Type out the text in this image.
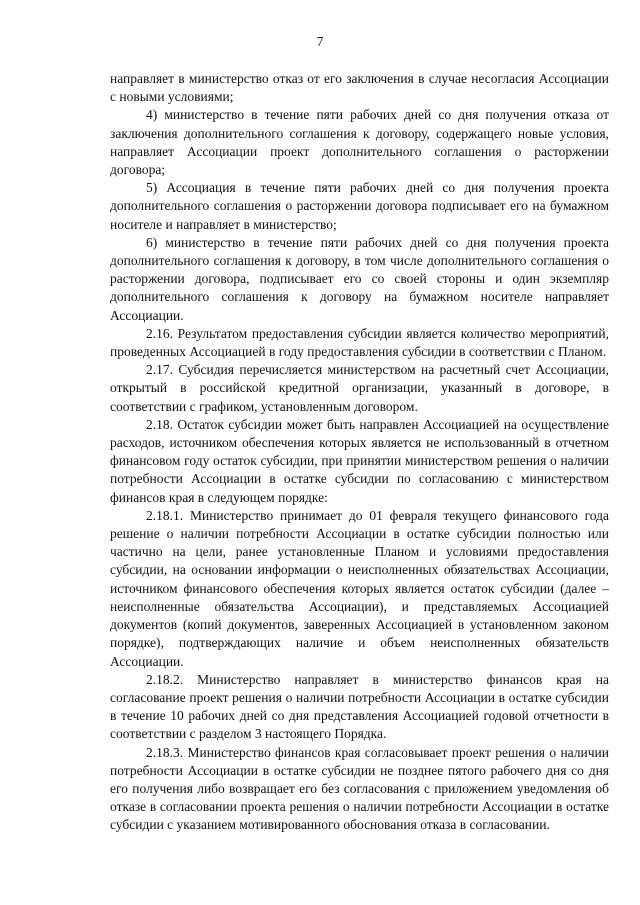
7

направляет в министерство отказ от его заключения в случае несогласия Ассоциации с новыми условиями;

4) министерство в течение пяти рабочих дней со дня получения отказа от заключения дополнительного соглашения к договору, содержащего новые условия, направляет Ассоциации проект дополнительного соглашения о расторжении договора;

5) Ассоциация в течение пяти рабочих дней со дня получения проекта дополнительного соглашения о расторжении договора подписывает его на бумажном носителе и направляет в министерство;

6) министерство в течение пяти рабочих дней со дня получения проекта дополнительного соглашения к договору, в том числе дополнительного соглашения о расторжении договора, подписывает его со своей стороны и один экземпляр дополнительного соглашения к договору на бумажном носителе направляет Ассоциации.

2.16. Результатом предоставления субсидии является количество мероприятий, проведенных Ассоциацией в году предоставления субсидии в соответствии с Планом.

2.17. Субсидия перечисляется министерством на расчетный счет Ассоциации, открытый в российской кредитной организации, указанный в договоре, в соответствии с графиком, установленным договором.

2.18. Остаток субсидии может быть направлен Ассоциацией на осуществление расходов, источником обеспечения которых является не использованный в отчетном финансовом году остаток субсидии, при принятии министерством решения о наличии потребности Ассоциации в остатке субсидии по согласованию с министерством финансов края в следующем порядке:

2.18.1. Министерство принимает до 01 февраля текущего финансового года решение о наличии потребности Ассоциации в остатке субсидии полностью или частично на цели, ранее установленные Планом и условиями предоставления субсидии, на основании информации о неисполненных обязательствах Ассоциации, источником финансового обеспечения которых является остаток субсидии (далее – неисполненные обязательства Ассоциации), и представляемых Ассоциацией документов (копий документов, заверенных Ассоциацией в установленном законом порядке), подтверждающих наличие и объем неисполненных обязательств Ассоциации.

2.18.2. Министерство направляет в министерство финансов края на согласование проект решения о наличии потребности Ассоциации в остатке субсидии в течение 10 рабочих дней со дня представления Ассоциацией годовой отчетности в соответствии с разделом 3 настоящего Порядка.

2.18.3. Министерство финансов края согласовывает проект решения о наличии потребности Ассоциации в остатке субсидии не позднее пятого рабочего дня со дня его получения либо возвращает его без согласования с приложением уведомления об отказе в согласовании проекта решения о наличии потребности Ассоциации в остатке субсидии с указанием мотивированного обоснования отказа в согласовании.
